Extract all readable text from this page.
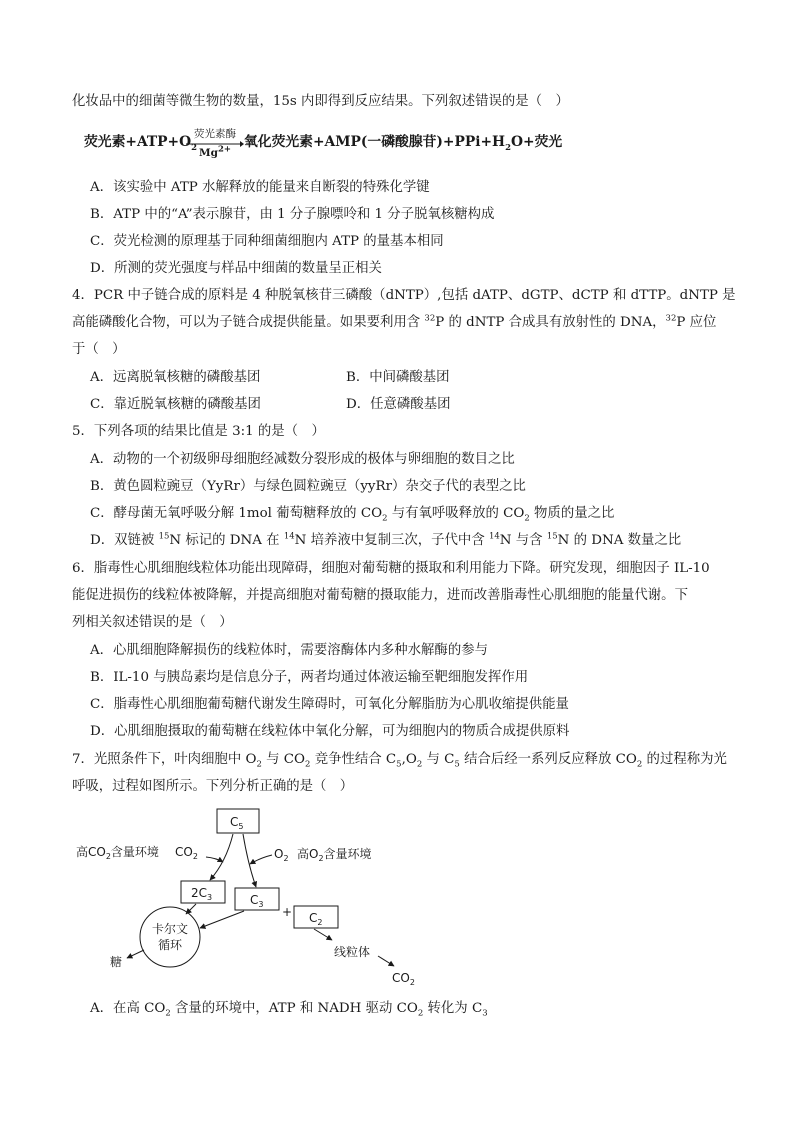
化妆品中的细菌等微生物的数量，15s 内即得到反应结果。下列叙述错误的是（　）
荧光素$+ATP+O_2$
荧光素酶
$Mg^{2+}$ 氧化荧光素+AMP(一磷酸腺苷)$+PPi+H_2O+$荧光
A．该实验中 ATP 水解释放的能量来自断裂的特殊化学键
B．ATP 中的“A”表示腺苷，由 1 分子腺嘌呤和 1 分子脱氧核糖构成
C．荧光检测的原理基于同种细菌细胞内 ATP 的量基本相同
D．所测的荧光强度与样品中细菌的数量呈正相关
4．PCR 中子链合成的原料是 4 种脱氧核苷三磷酸（dNTP）,包括 dATP、dGTP、dCTP 和 dTTP。dNTP 是
高能磷酸化合物，可以为子链合成提供能量。如果要利用含 $^{32}$P 的 dNTP 合成具有放射性的 DNA，$^{32}$P 应位
于（　）
A．远离脱氧核糖的磷酸基团	B．中间磷酸基团
C．靠近脱氧核糖的磷酸基团	D．任意磷酸基团
5．下列各项的结果比值是 3:1 的是（　）
A．动物的一个初级卵母细胞经减数分裂形成的极体与卵细胞的数目之比
B．黄色圆粒豌豆（YyRr）与绿色圆粒豌豆（yyRr）杂交子代的表型之比
C．酵母菌无氧呼吸分解 1mol 葡萄糖释放的 $CO_2$ 与有氧呼吸释放的 $CO_2$ 物质的量之比
D．双链被 $^{15}$N 标记的 DNA 在 $^{14}$N 培养液中复制三次，子代中含 $^{14}$N 与含 $^{15}$N 的 DNA 数量之比
6．脂毒性心肌细胞线粒体功能出现障碍，细胞对葡萄糖的摄取和利用能力下降。研究发现，细胞因子 IL-10
能促进损伤的线粒体被降解，并提高细胞对葡萄糖的摄取能力，进而改善脂毒性心肌细胞的能量代谢。下
列相关叙述错误的是（　）
A．心肌细胞降解损伤的线粒体时，需要溶酶体内多种水解酶的参与
B．IL-10 与胰岛素均是信息分子，两者均通过体液运输至靶细胞发挥作用
C．脂毒性心肌细胞葡萄糖代谢发生障碍时，可氧化分解脂肪为心肌收缩提供能量
D．心肌细胞摄取的葡萄糖在线粒体中氧化分解，可为细胞内的物质合成提供原料
7．光照条件下，叶肉细胞中 $O_2$ 与 $CO_2$ 竞争性结合 $C_5,O_2$ 与 $C_5$ 结合后经一系列反应释放 $CO_2$ 的过程称为光
呼吸，过程如图所示。下列分析正确的是（　）
$C_5$
高$CO_2$含量环境 $CO_2$	$O_2$ 高$O_2$含量环境
$2C_3$	$C_3$
+ $C_2$
卡尔文
循环
糖
线粒体
$CO_2$
A．在高 $CO_2$ 含量的环境中，ATP 和 NADH 驱动 $CO_2$ 转化为 $C_3$
